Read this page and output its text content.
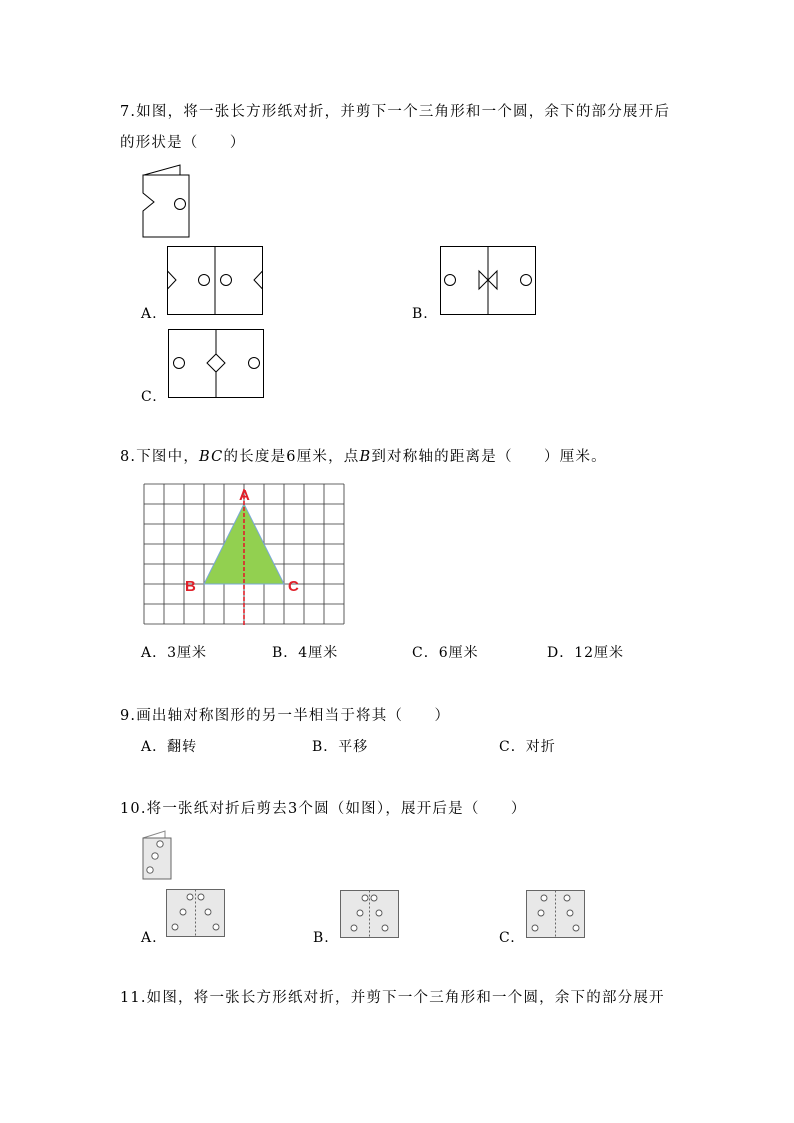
7.如图，将一张长方形纸对折，并剪下一个三角形和一个圆，余下的部分展开后
的形状是（　　）
A.	B.
C.
8.下图中，BC的长度是6厘米，点B到对称轴的距离是（　　）厘米。
A
B	C
A．3厘米	B．4厘米	C．6厘米	D．12厘米
9.画出轴对称图形的另一半相当于将其（　　）
A．翻转	B．平移	C．对折
10.将一张纸对折后剪去3个圆（如图），展开后是（　　）
A.	B.	C.
11.如图，将一张长方形纸对折，并剪下一个三角形和一个圆，余下的部分展开
